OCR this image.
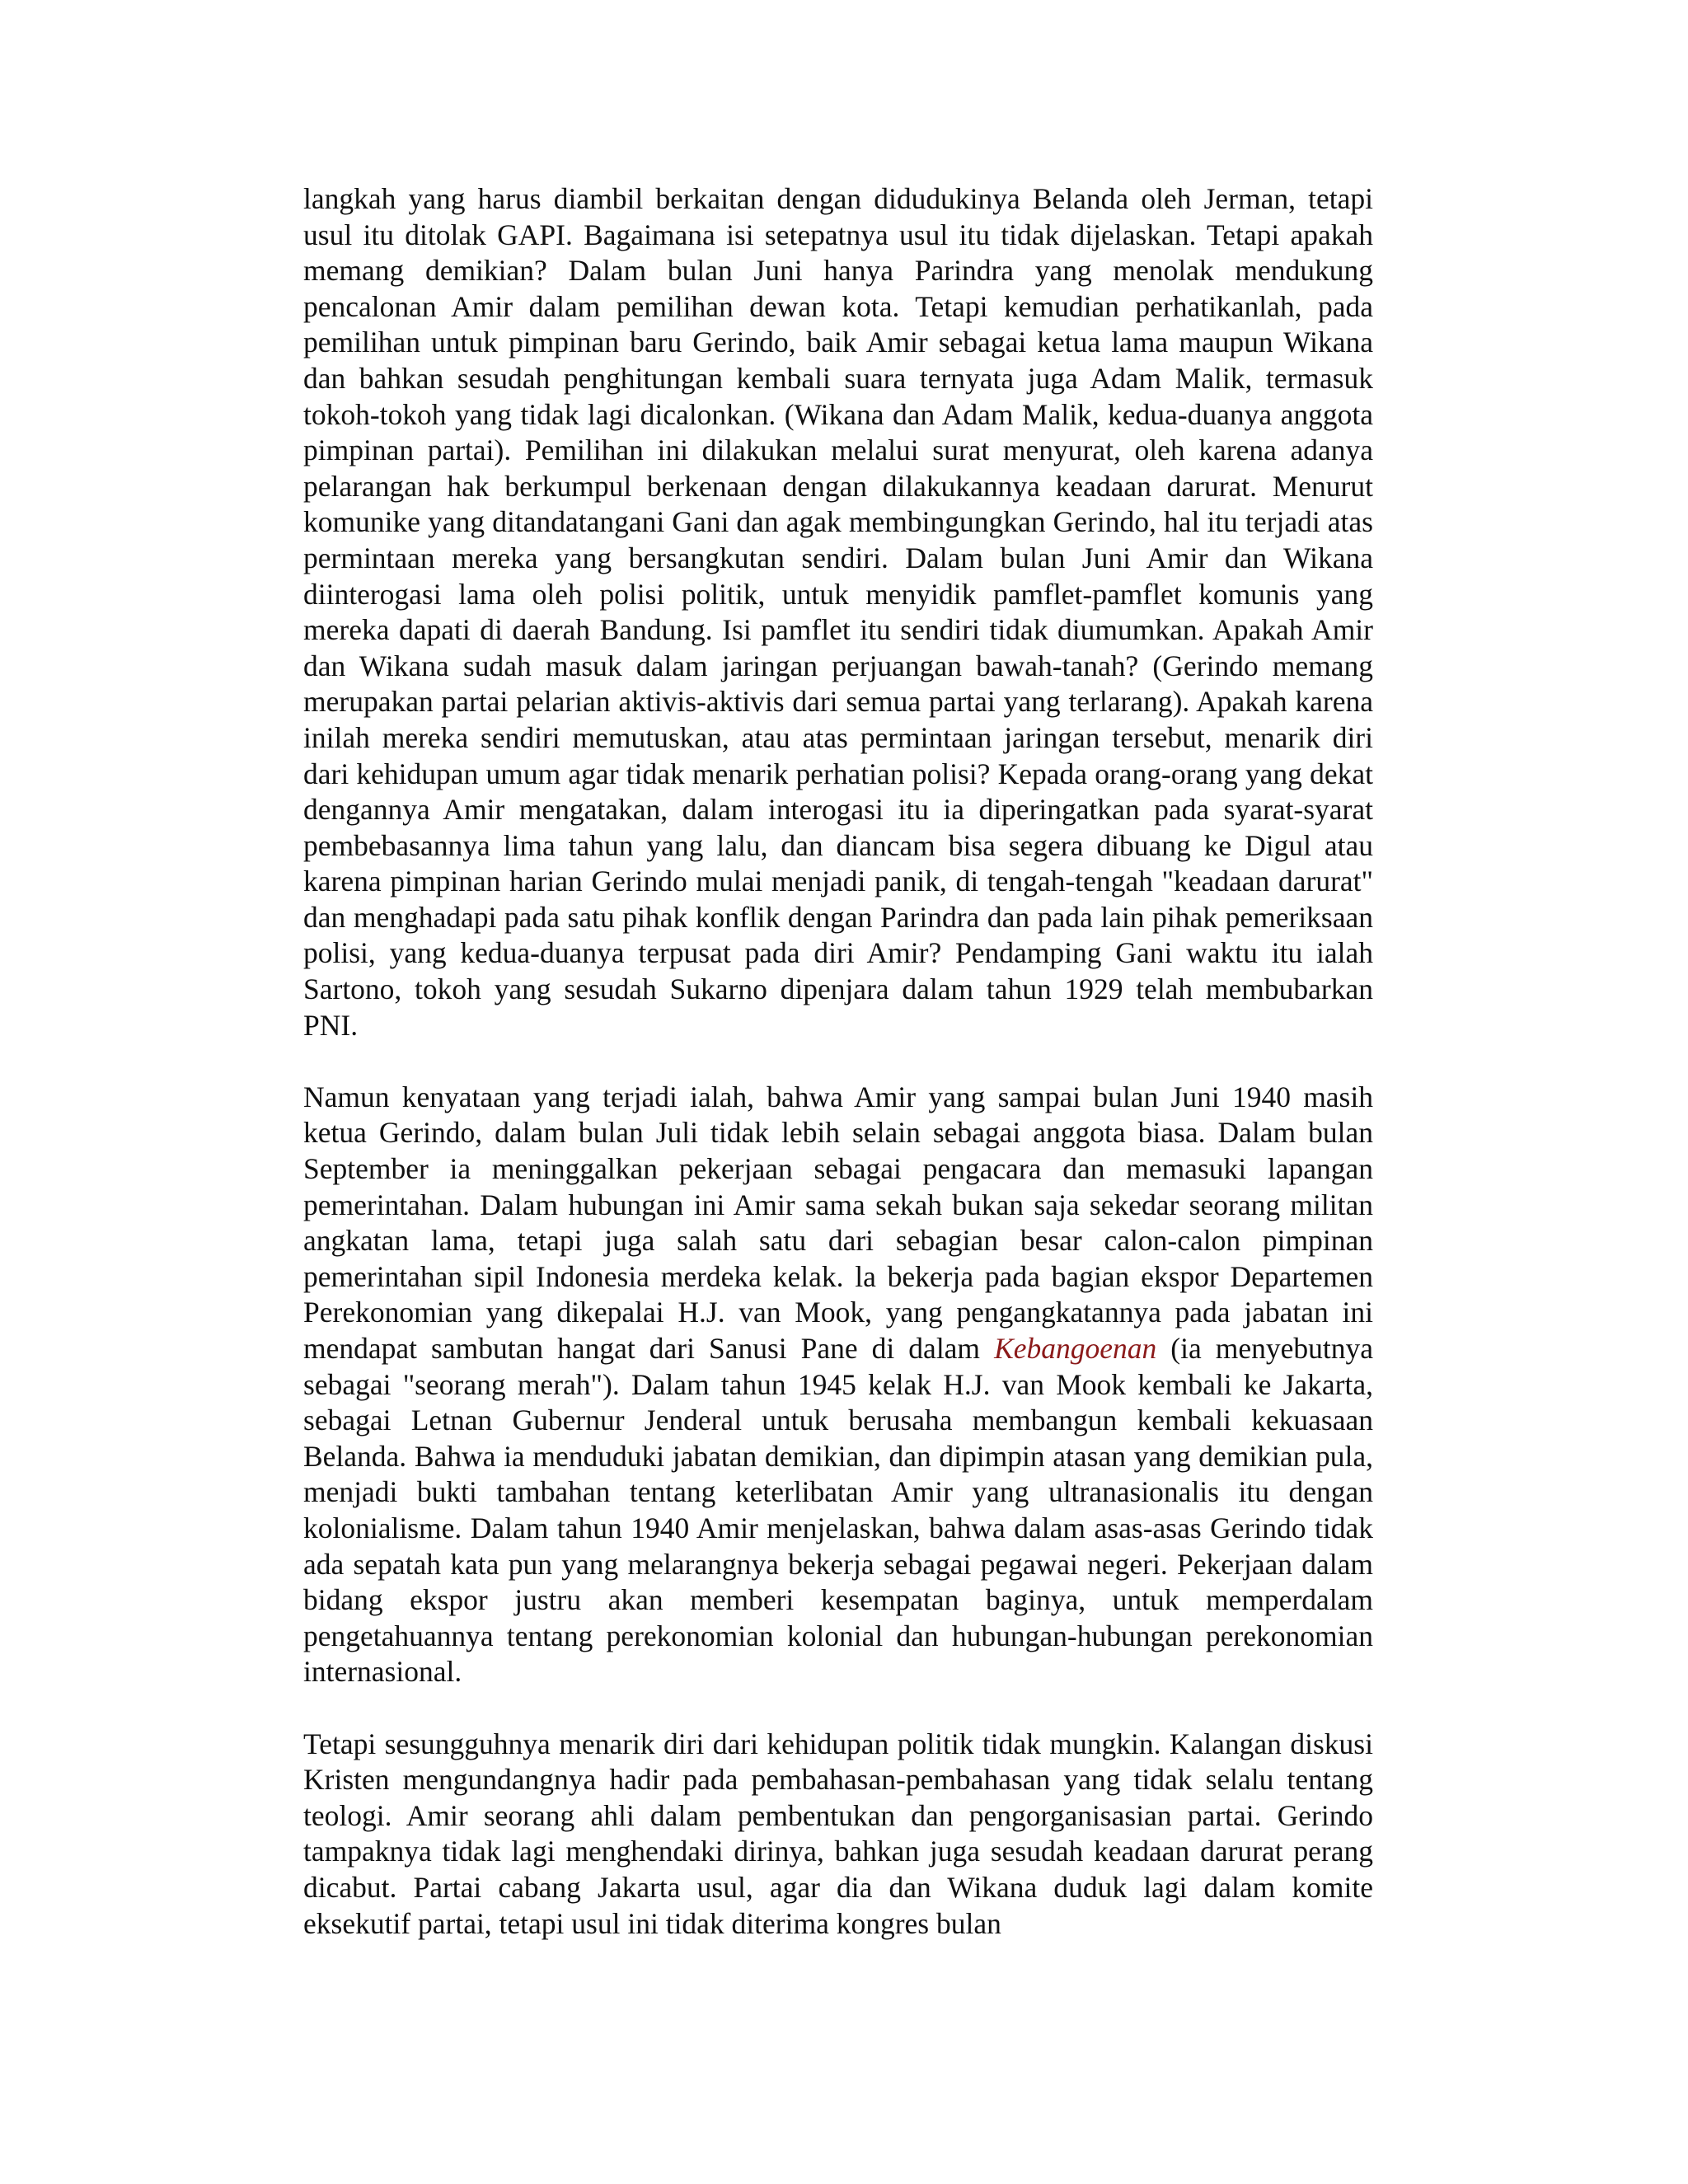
langkah yang harus diambil berkaitan dengan didudukinya Belanda oleh Jerman, tetapi usul itu ditolak GAPI. Bagaimana isi setepatnya usul itu tidak dijelaskan. Tetapi apakah memang demikian? Dalam bulan Juni hanya Parindra yang menolak mendukung pencalonan Amir dalam pemilihan dewan kota. Tetapi kemudian perhatikanlah, pada pemilihan untuk pimpinan baru Gerindo, baik Amir sebagai ketua lama maupun Wikana dan bahkan sesudah penghitungan kembali suara ternyata juga Adam Malik, termasuk tokoh-tokoh yang tidak lagi dicalonkan. (Wikana dan Adam Malik, kedua-duanya anggota pimpinan partai). Pemilihan ini dilakukan melalui surat menyurat, oleh karena adanya pelarangan hak berkumpul berkenaan dengan dilakukannya keadaan darurat. Menurut komunike yang ditandatangani Gani dan agak membingungkan Gerindo, hal itu terjadi atas permintaan mereka yang bersangkutan sendiri. Dalam bulan Juni Amir dan Wikana diinterogasi lama oleh polisi politik, untuk menyidik pamflet-pamflet komunis yang mereka dapati di daerah Bandung. Isi pamflet itu sendiri tidak diumumkan. Apakah Amir dan Wikana sudah masuk dalam jaringan perjuangan bawah-tanah? (Gerindo memang merupakan partai pelarian aktivis-aktivis dari semua partai yang terlarang). Apakah karena inilah mereka sendiri memutuskan, atau atas permintaan jaringan tersebut, menarik diri dari kehidupan umum agar tidak menarik perhatian polisi? Kepada orang-orang yang dekat dengannya Amir mengatakan, dalam interogasi itu ia diperingatkan pada syarat-syarat pembebasannya lima tahun yang lalu, dan diancam bisa segera dibuang ke Digul atau karena pimpinan harian Gerindo mulai menjadi panik, di tengah-tengah "keadaan darurat" dan menghadapi pada satu pihak konflik dengan Parindra dan pada lain pihak pemeriksaan polisi, yang kedua-duanya terpusat pada diri Amir? Pendamping Gani waktu itu ialah Sartono, tokoh yang sesudah Sukarno dipenjara dalam tahun 1929 telah membubarkan PNI.

Namun kenyataan yang terjadi ialah, bahwa Amir yang sampai bulan Juni 1940 masih ketua Gerindo, dalam bulan Juli tidak lebih selain sebagai anggota biasa. Dalam bulan September ia meninggalkan pekerjaan sebagai pengacara dan memasuki lapangan pemerintahan. Dalam hubungan ini Amir sama sekah bukan saja sekedar seorang militan angkatan lama, tetapi juga salah satu dari sebagian besar calon-calon pimpinan pemerintahan sipil Indonesia merdeka kelak. la bekerja pada bagian ekspor Departemen Perekonomian yang dikepalai H.J. van Mook, yang pengangkatannya pada jabatan ini mendapat sambutan hangat dari Sanusi Pane di dalam Kebangoenan (ia menyebutnya sebagai "seorang merah"). Dalam tahun 1945 kelak H.J. van Mook kembali ke Jakarta, sebagai Letnan Gubernur Jenderal untuk berusaha membangun kembali kekuasaan Belanda. Bahwa ia menduduki jabatan demikian, dan dipimpin atasan yang demikian pula, menjadi bukti tambahan tentang keterlibatan Amir yang ultranasionalis itu dengan kolonialisme. Dalam tahun 1940 Amir menjelaskan, bahwa dalam asas-asas Gerindo tidak ada sepatah kata pun yang melarangnya bekerja sebagai pegawai negeri. Pekerjaan dalam bidang ekspor justru akan memberi kesempatan baginya, untuk memperdalam pengetahuannya tentang perekonomian kolonial dan hubungan-hubungan perekonomian internasional.

Tetapi sesungguhnya menarik diri dari kehidupan politik tidak mungkin. Kalangan diskusi Kristen mengundangnya hadir pada pembahasan-pembahasan yang tidak selalu tentang teologi. Amir seorang ahli dalam pembentukan dan pengorganisasian partai. Gerindo tampaknya tidak lagi menghendaki dirinya, bahkan juga sesudah keadaan darurat perang dicabut. Partai cabang Jakarta usul, agar dia dan Wikana duduk lagi dalam komite eksekutif partai, tetapi usul ini tidak diterima kongres bulan
